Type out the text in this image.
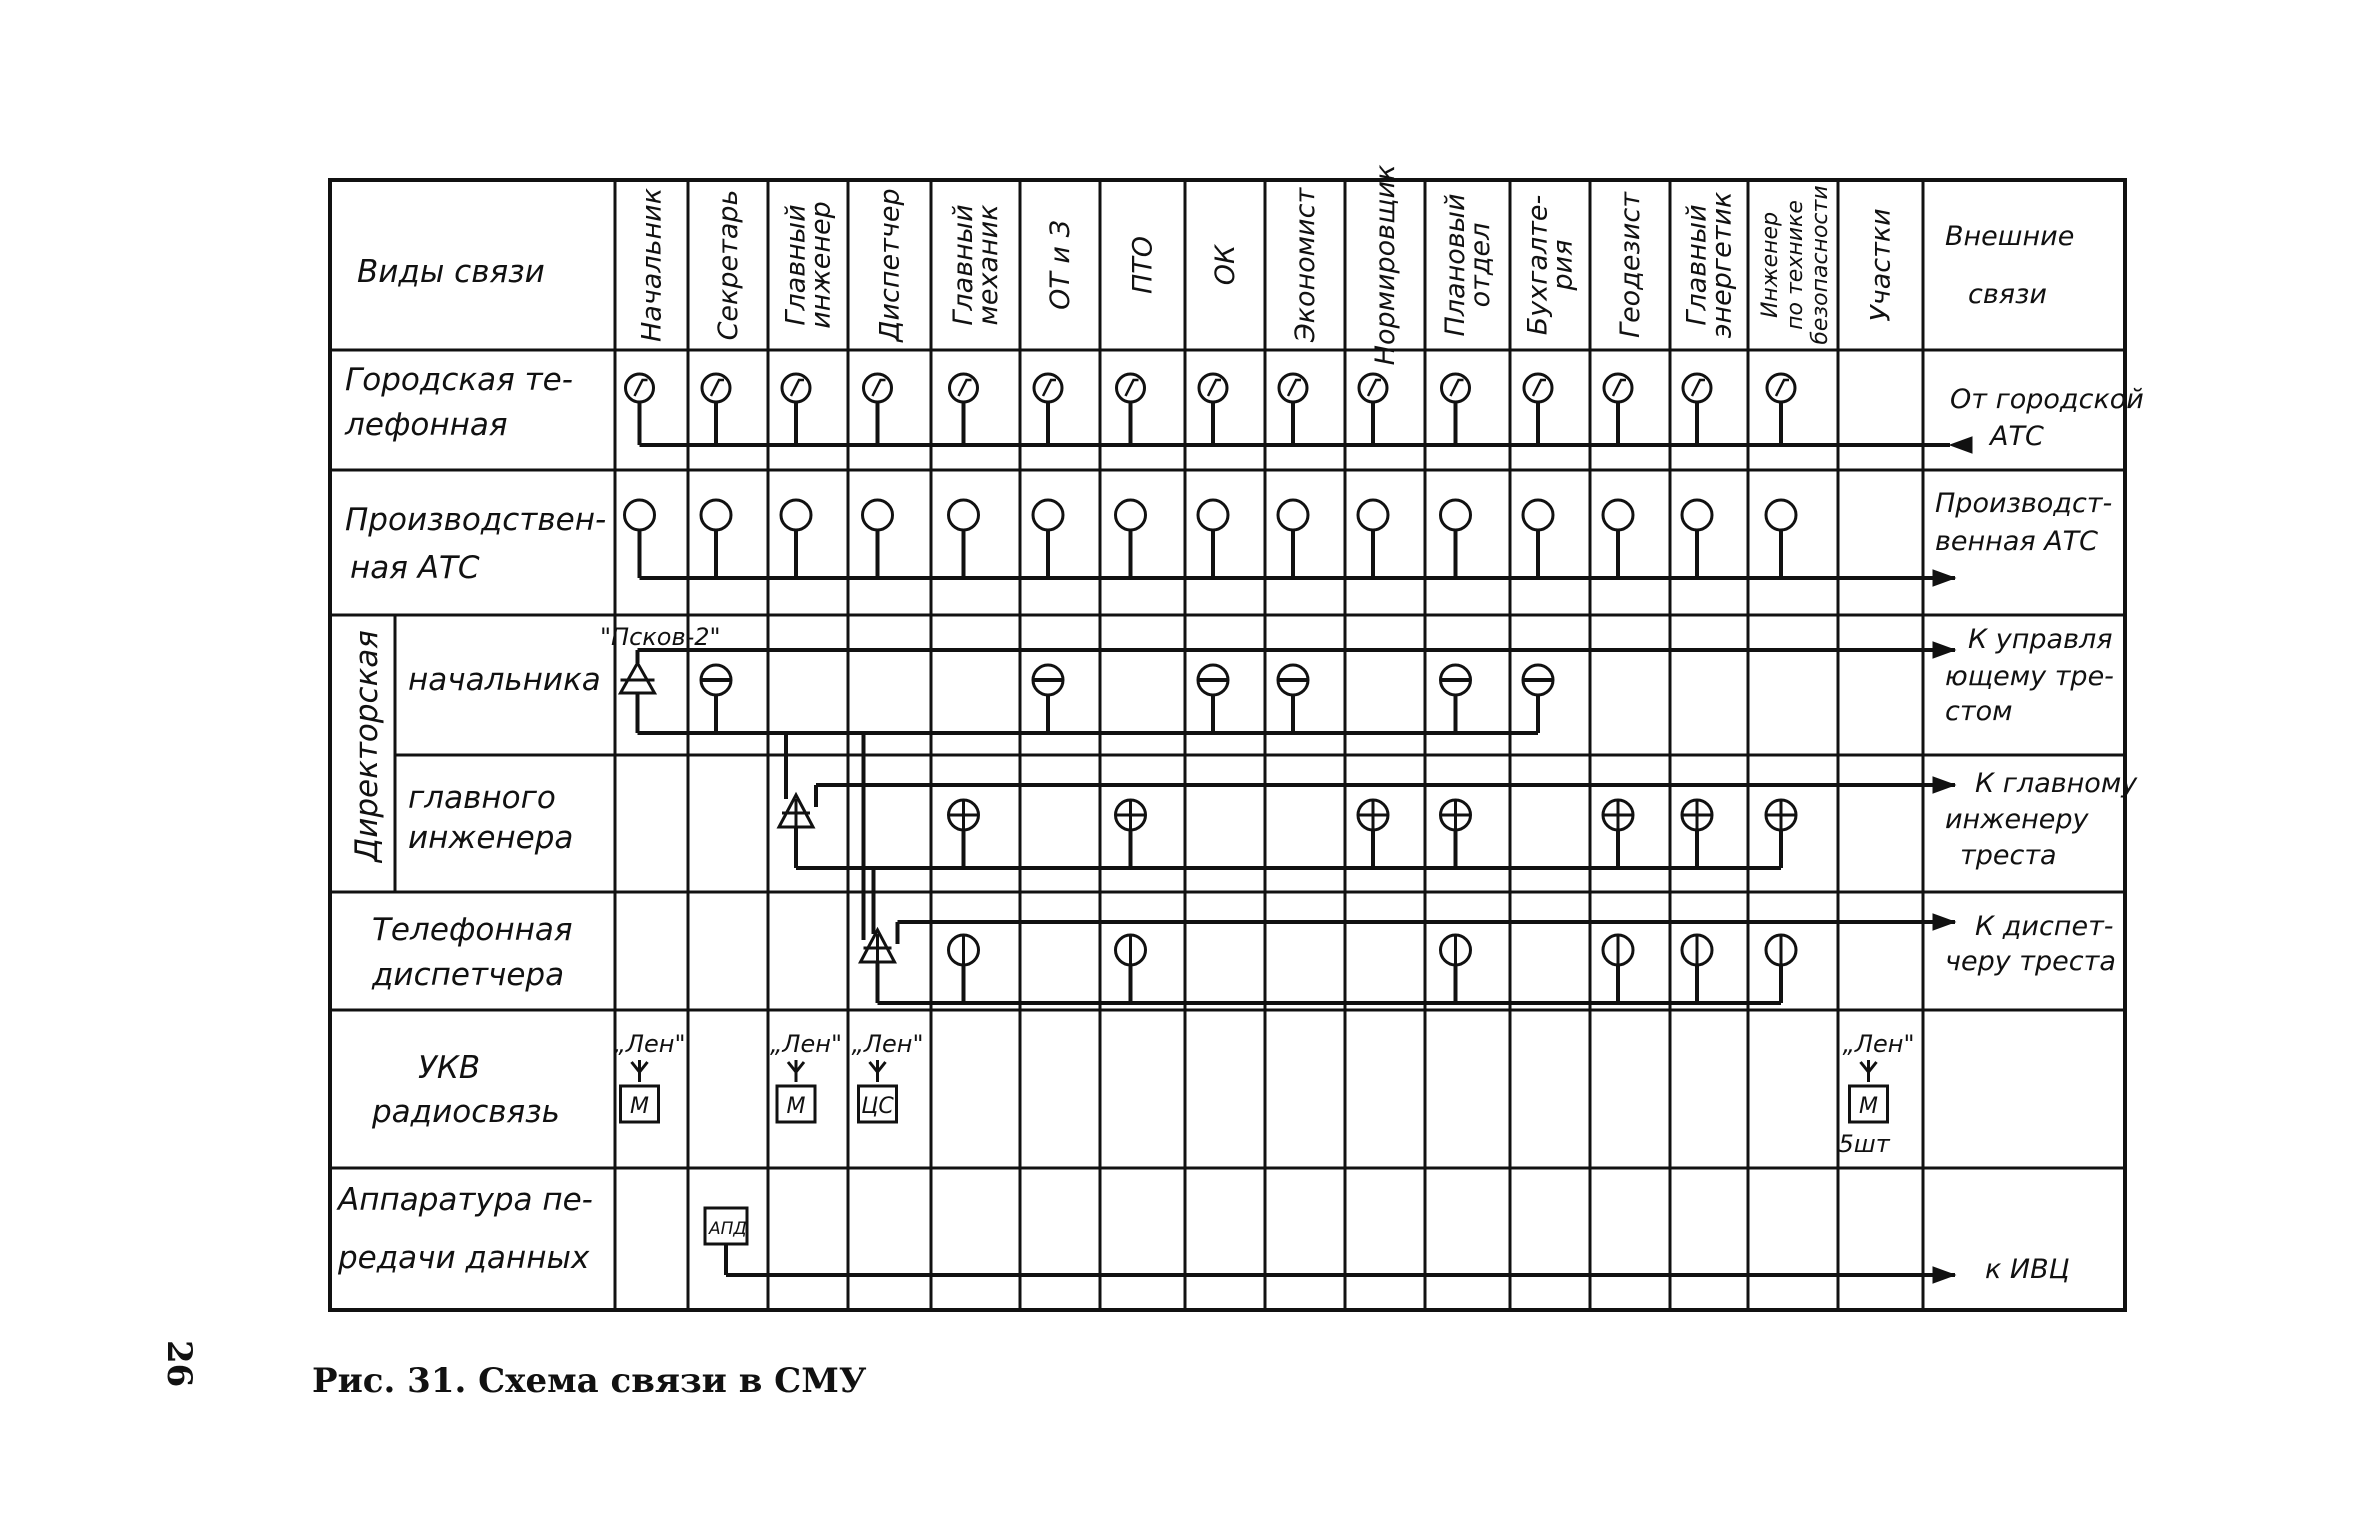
Виды связи	Начальник Секретарь Главный
инженер Диспетчер Главный
механик ОТ и З ПТО ОК Экономист Нормировщик Плановый
отдел Бухгалте-
рия Геодезист Главный
энергетик Инженер по технике безопасности Участки Внешние
связи
Городская те-
лефонная
Производствен-
ная АТС
Директорская начальника
главного
инженера
Телефонная
диспетчера
УКВ
радиосвязь
Аппаратура пе-
редачи данных
От городской
АТС
Производст-
венная АТС
К управля
ющему тре-
стом
К главному
инженеру
треста
К диспет-
черу треста
к ИВЦ
"Псков-2"
„Лен"
М
„Лен"
М
„Лен"
ЦС
„Лен"
М
5шт
АПД
26	Рис. 31. Схема связи в СМУ
